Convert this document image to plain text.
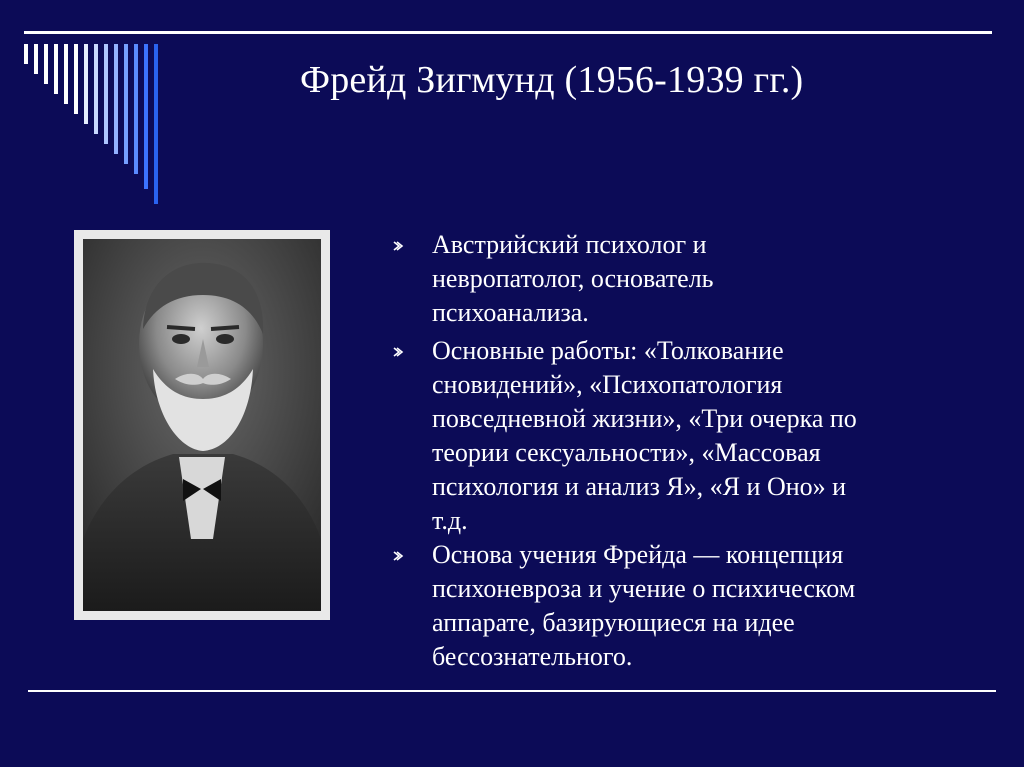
Фрейд Зигмунд (1956-1939 гг.)
Австрийский психолог и
невропатолог, основатель
психоанализа.
Основные работы: «Толкование
сновидений», «Психопатология
повседневной жизни», «Три очерка по
теории сексуальности», «Массовая
психология и анализ Я», «Я и Оно» и
т.д.
Основа учения Фрейда — концепция
психоневроза и учение о психическом
аппарате, базирующиеся на идее
бессознательного.
